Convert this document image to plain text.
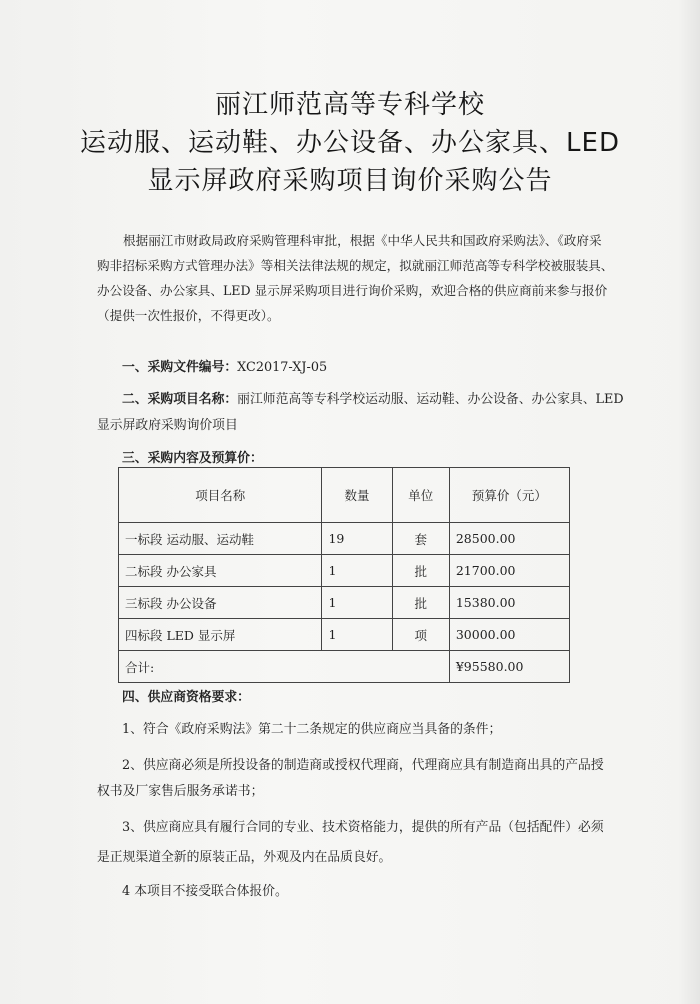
丽江师范高等专科学校
运动服、运动鞋、办公设备、办公家具、LED
显示屏政府采购项目询价采购公告

根据丽江市财政局政府采购管理科审批，根据《中华人民共和国政府采购法》、《政府采

购非招标采购方式管理办法》等相关法律法规的规定，拟就丽江师范高等专科学校被服装具、

办公设备、办公家具、LED 显示屏采购项目进行询价采购，欢迎合格的供应商前来参与报价

（提供一次性报价，不得更改）。

一、采购文件编号：XC2017-XJ-05
二、采购项目名称：丽江师范高等专科学校运动服、运动鞋、办公设备、办公家具、LED
显示屏政府采购询价项目
三、采购内容及预算价：
项目名称	数量	单位	预算价（元）
一标段 运动服、运动鞋	19	套	28500.00
二标段 办公家具	1	批	21700.00
三标段 办公设备	1	批	15380.00
四标段 LED 显示屏	1	项	30000.00
合计:			¥95580.00
四、供应商资格要求：
1、符合《政府采购法》第二十二条规定的供应商应当具备的条件；
2、供应商必须是所投设备的制造商或授权代理商，代理商应具有制造商出具的产品授
权书及厂家售后服务承诺书；
3、供应商应具有履行合同的专业、技术资格能力，提供的所有产品（包括配件）必须
是正规渠道全新的原装正品，外观及内在品质良好。
4 本项目不接受联合体报价。
